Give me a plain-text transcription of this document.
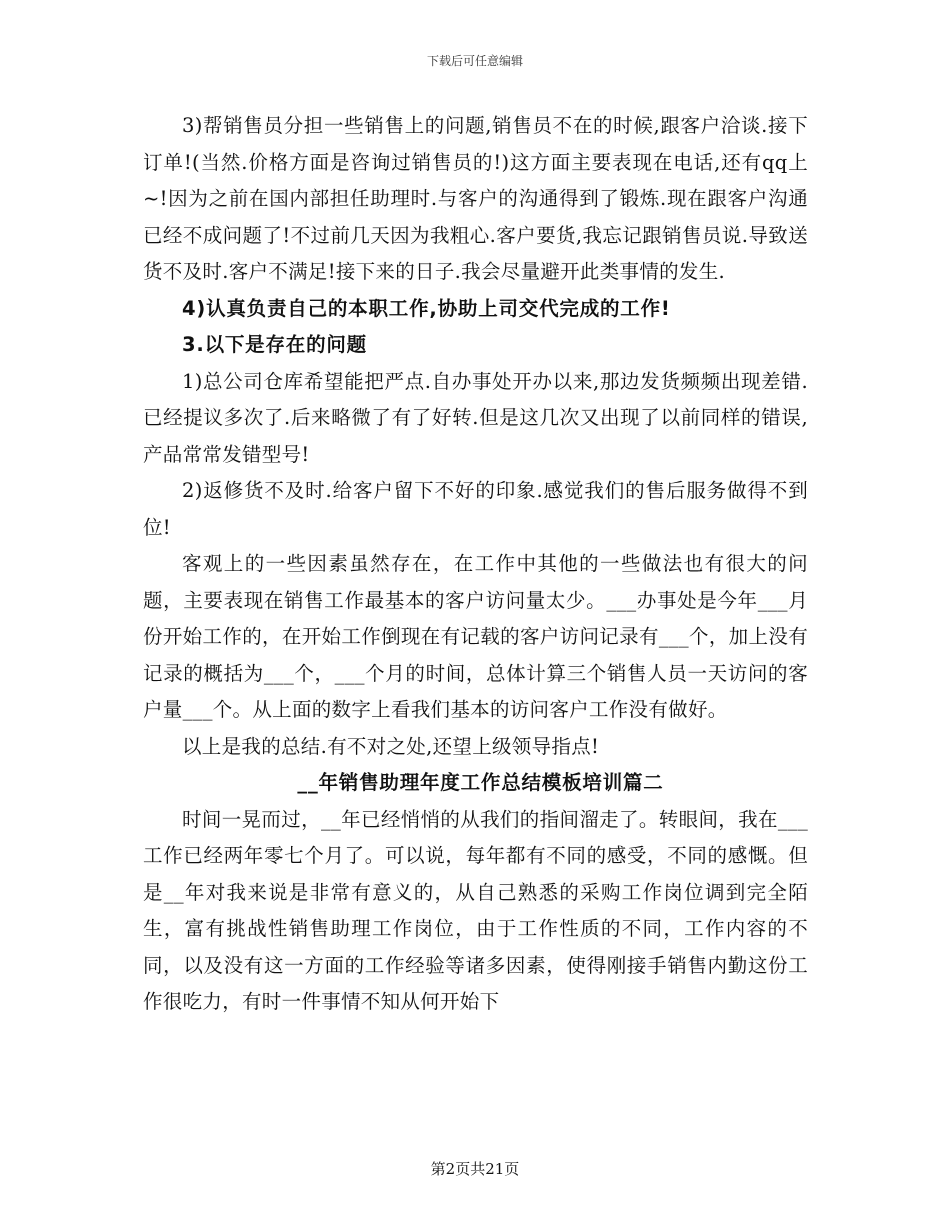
下载后可任意编辑

3)帮销售员分担一些销售上的问题,销售员不在的时候,跟客户洽谈.接下订单!(当然.价格方面是咨询过销售员的!)这方面主要表现在电话,还有qq上~!因为之前在国内部担任助理时.与客户的沟通得到了锻炼.现在跟客户沟通已经不成问题了!不过前几天因为我粗心.客户要货,我忘记跟销售员说.导致送货不及时.客户不满足!接下来的日子.我会尽量避开此类事情的发生.

4)认真负责自己的本职工作,协助上司交代完成的工作!

3.以下是存在的问题

1)总公司仓库希望能把严点.自办事处开办以来,那边发货频频出现差错.已经提议多次了.后来略微了有了好转.但是这几次又出现了以前同样的错误,产品常常发错型号!

2)返修货不及时.给客户留下不好的印象.感觉我们的售后服务做得不到位!

客观上的一些因素虽然存在，在工作中其他的一些做法也有很大的问题，主要表现在销售工作最基本的客户访问量太少。___办事处是今年___月份开始工作的，在开始工作倒现在有记载的客户访问记录有___个，加上没有记录的概括为___个，___个月的时间，总体计算三个销售人员一天访问的客户量___个。从上面的数字上看我们基本的访问客户工作没有做好。

以上是我的总结.有不对之处,还望上级领导指点!

__年销售助理年度工作总结模板培训篇二

时间一晃而过，__年已经悄悄的从我们的指间溜走了。转眼间，我在___工作已经两年零七个月了。可以说，每年都有不同的感受，不同的感慨。但是__年对我来说是非常有意义的，从自己熟悉的采购工作岗位调到完全陌生，富有挑战性销售助理工作岗位，由于工作性质的不同，工作内容的不同，以及没有这一方面的工作经验等诸多因素，使得刚接手销售内勤这份工作很吃力，有时一件事情不知从何开始下

第2页共21页
